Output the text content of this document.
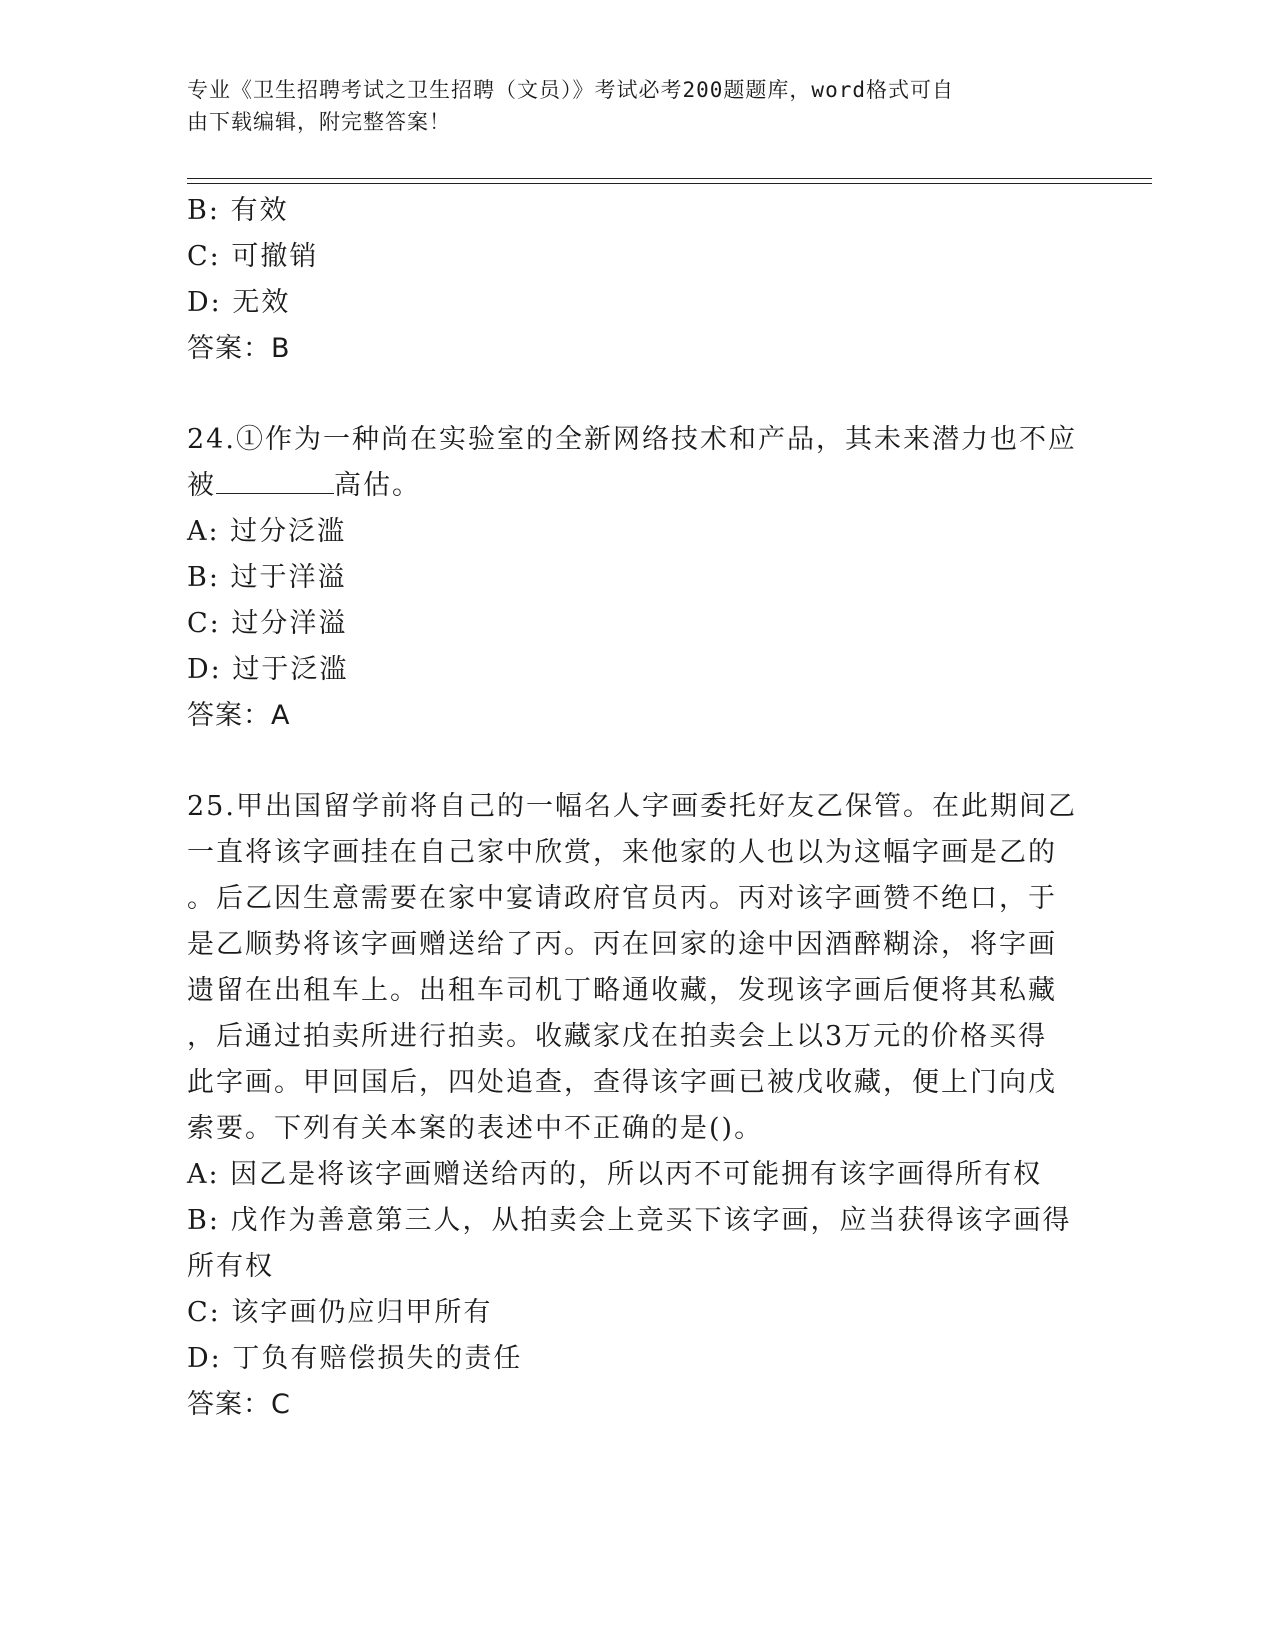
专业《卫生招聘考试之卫生招聘（文员）》考试必考200题题库，word格式可自
由下载编辑，附完整答案！
B: 有效
C: 可撤销
D: 无效
答案：B
24.①作为一种尚在实验室的全新网络技术和产品，其未来潜力也不应
被	高估。
A: 过分泛滥
B: 过于洋溢
C: 过分洋溢
D: 过于泛滥
答案：A
25.甲出国留学前将自己的一幅名人字画委托好友乙保管。在此期间乙
一直将该字画挂在自己家中欣赏，来他家的人也以为这幅字画是乙的
。后乙因生意需要在家中宴请政府官员丙。丙对该字画赞不绝口，于
是乙顺势将该字画赠送给了丙。丙在回家的途中因酒醉糊涂，将字画
遗留在出租车上。出租车司机丁略通收藏，发现该字画后便将其私藏
，后通过拍卖所进行拍卖。收藏家戊在拍卖会上以3万元的价格买得
此字画。甲回国后，四处追查，查得该字画已被戊收藏，便上门向戊
索要。下列有关本案的表述中不正确的是()。
A: 因乙是将该字画赠送给丙的，所以丙不可能拥有该字画得所有权
B: 戊作为善意第三人，从拍卖会上竞买下该字画，应当获得该字画得
所有权
C: 该字画仍应归甲所有
D: 丁负有赔偿损失的责任
答案：C
